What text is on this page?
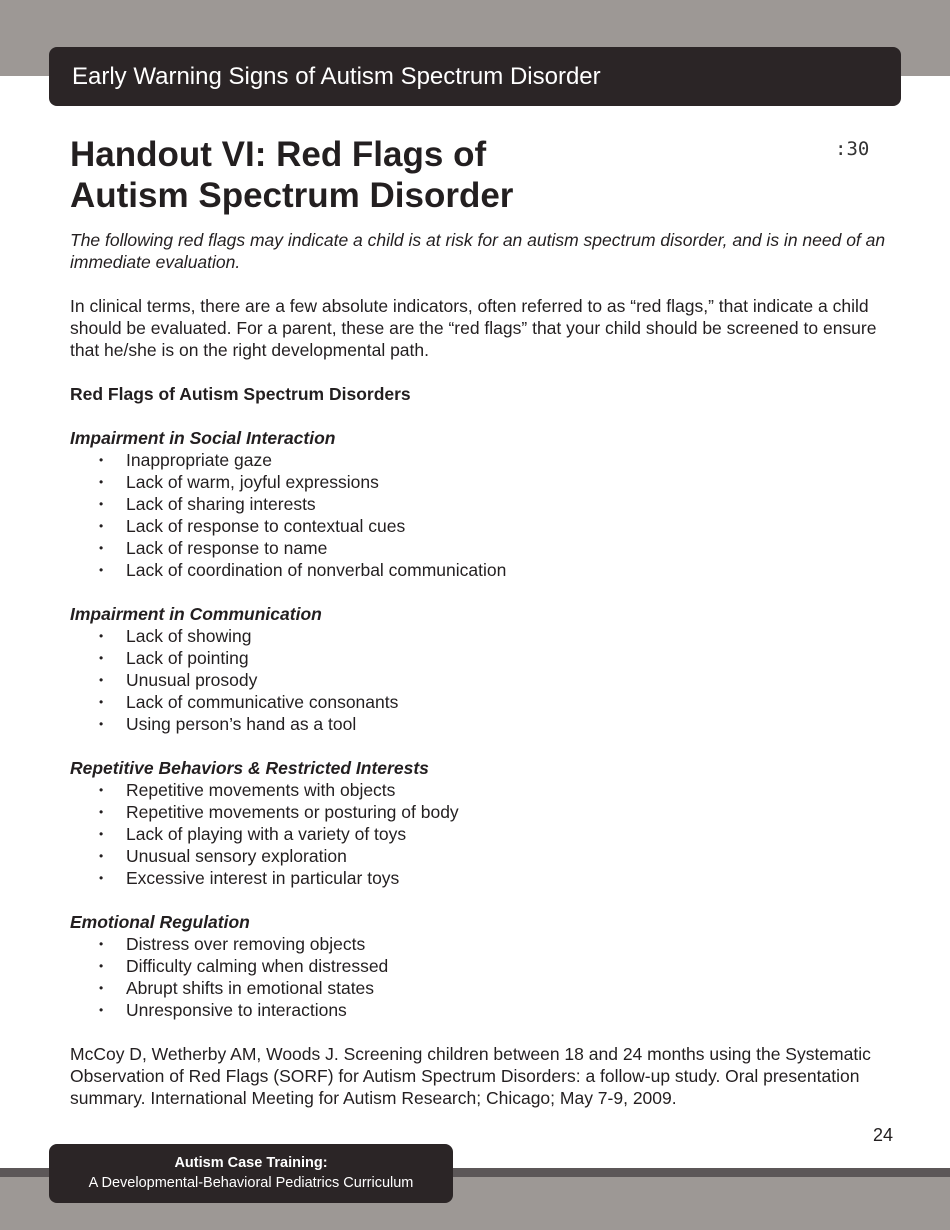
Early Warning Signs of Autism Spectrum Disorder
Handout VI: Red Flags of
Autism Spectrum Disorder
:30

The following red flags may indicate a child is at risk for an autism spectrum disorder, and is in need of an immediate evaluation.

In clinical terms, there are a few absolute indicators, often referred to as “red flags,” that indicate a child should be evaluated. For a parent, these are the “red flags” that your child should be screened to ensure that he/she is on the right developmental path.

Red Flags of Autism Spectrum Disorders

Impairment in Social Interaction
• Inappropriate gaze
• Lack of warm, joyful expressions
• Lack of sharing interests
• Lack of response to contextual cues
• Lack of response to name
• Lack of coordination of nonverbal communication
Impairment in Communication
• Lack of showing
• Lack of pointing
• Unusual prosody
• Lack of communicative consonants
• Using person’s hand as a tool
Repetitive Behaviors & Restricted Interests
• Repetitive movements with objects
• Repetitive movements or posturing of body
• Lack of playing with a variety of toys
• Unusual sensory exploration
• Excessive interest in particular toys
Emotional Regulation
• Distress over removing objects
• Difficulty calming when distressed
• Abrupt shifts in emotional states
• Unresponsive to interactions

McCoy D, Wetherby AM, Woods J. Screening children between 18 and 24 months using the Systematic Observation of Red Flags (SORF) for Autism Spectrum Disorders: a follow-up study. Oral presentation summary. International Meeting for Autism Research; Chicago; May 7-9, 2009.

24
Autism Case Training:
A Developmental-Behavioral Pediatrics Curriculum
